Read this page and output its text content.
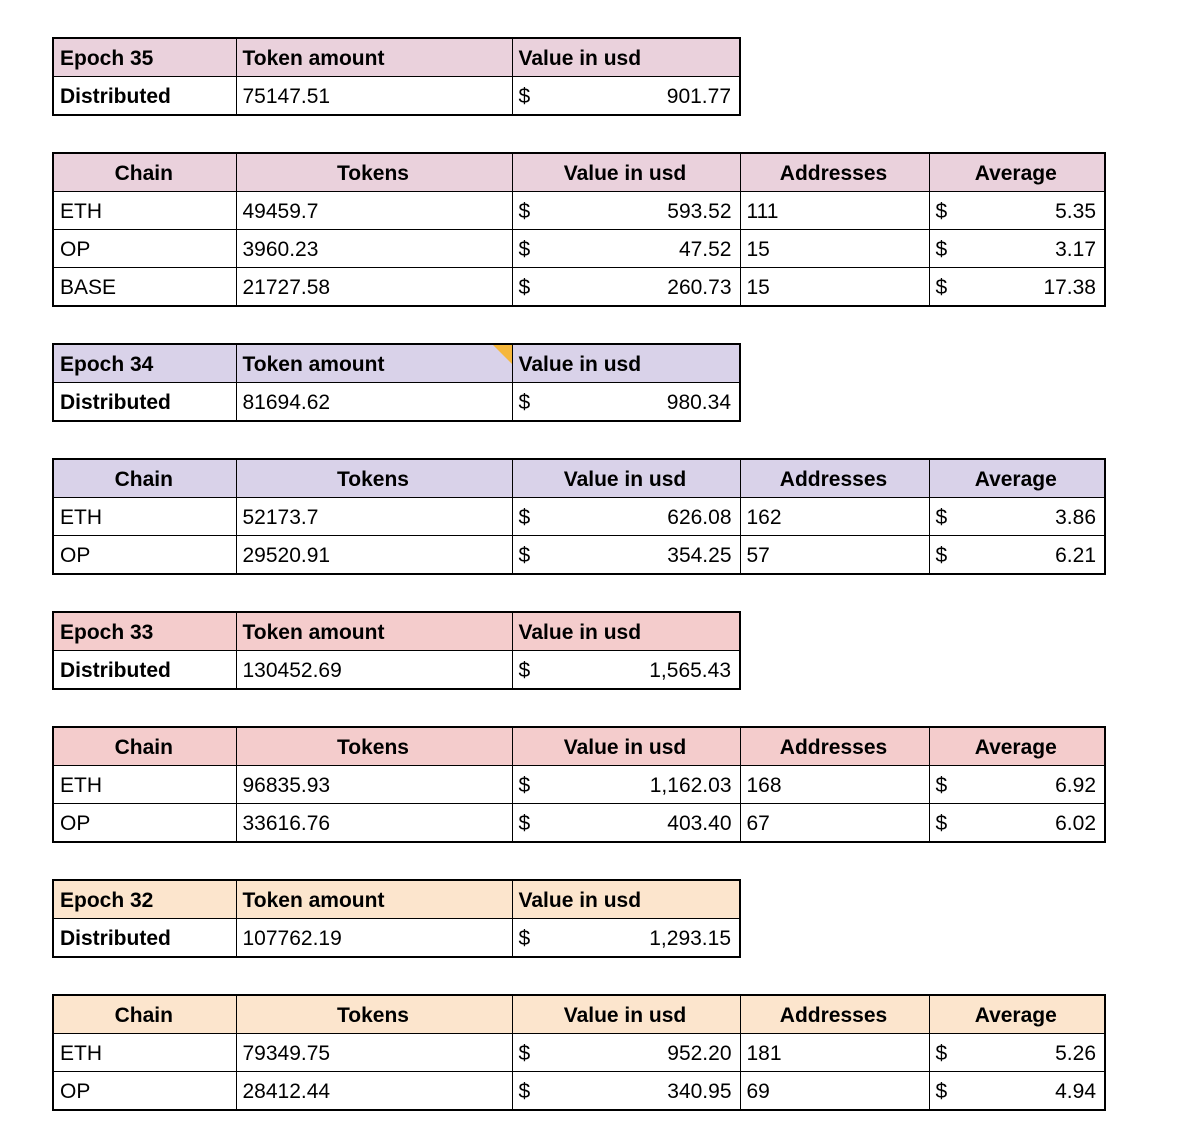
Epoch 35	Token amount	Value in usd
Distributed	75147.51	$ 901.77
Chain	Tokens	Value in usd	Addresses	Average
ETH	49459.7	$ 593.52	111	$ 5.35

OP	3960.23	$ 47.52	15	$ 3.17

BASE	21727.58	$ 260.73	15	$ 17.38
Epoch 34	Token amount	Value in usd
Distributed	81694.62	$ 980.34
Chain	Tokens	Value in usd	Addresses	Average
ETH	52173.7	$ 626.08	162	$ 3.86

OP	29520.91	$ 354.25	57	$ 6.21
Epoch 33	Token amount	Value in usd
Distributed	130452.69	$ 1,565.43
Chain	Tokens	Value in usd	Addresses	Average
ETH	96835.93	$ 1,162.03	168	$ 6.92

OP	33616.76	$ 403.40	67	$ 6.02
Epoch 32	Token amount	Value in usd
Distributed	107762.19	$ 1,293.15
Chain	Tokens	Value in usd	Addresses	Average
ETH	79349.75	$ 952.20	181	$ 5.26

OP	28412.44	$ 340.95	69	$ 4.94
